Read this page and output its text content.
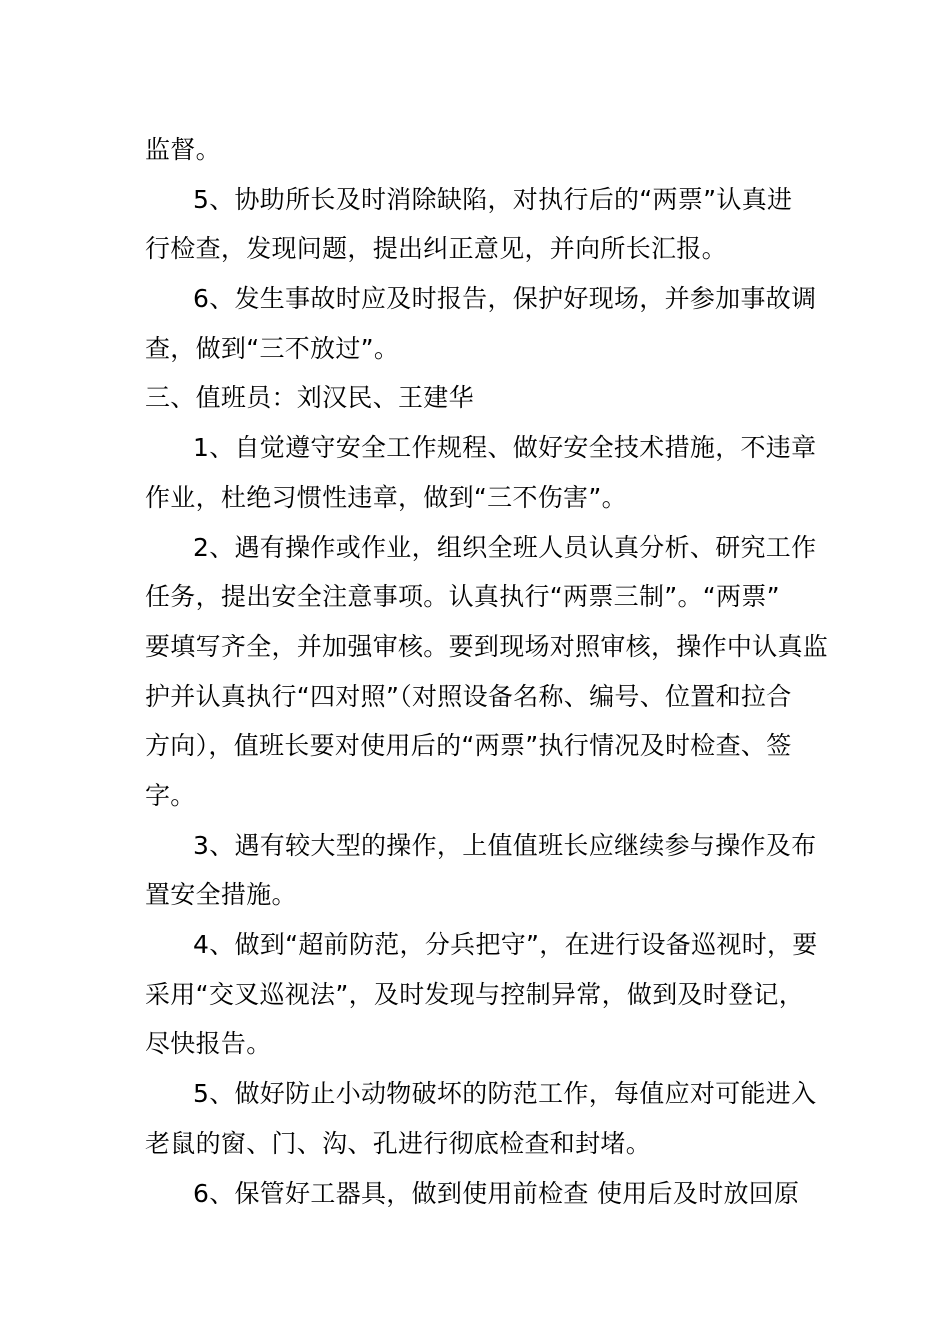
监督。
5、协助所长及时消除缺陷，对执行后的“两票”认真进
行检查，发现问题，提出纠正意见，并向所长汇报。
6、发生事故时应及时报告，保护好现场，并参加事故调
查，做到“三不放过”。
三、值班员：刘汉民、王建华
1、自觉遵守安全工作规程、做好安全技术措施，不违章
作业，杜绝习惯性违章，做到“三不伤害”。
2、遇有操作或作业，组织全班人员认真分析、研究工作
任务，提出安全注意事项。认真执行“两票三制”。“两票”
要填写齐全，并加强审核。要到现场对照审核，操作中认真监
护并认真执行“四对照”（对照设备名称、编号、位置和拉合
方向），值班长要对使用后的“两票”执行情况及时检查、签
字。
3、遇有较大型的操作，上值值班长应继续参与操作及布
置安全措施。
4、做到“超前防范，分兵把守”，在进行设备巡视时，要
采用“交叉巡视法”，及时发现与控制异常，做到及时登记，
尽快报告。
5、做好防止小动物破坏的防范工作，每值应对可能进入
老鼠的窗、门、沟、孔进行彻底检查和封堵。
6、保管好工器具，做到使用前检查 使用后及时放回原
